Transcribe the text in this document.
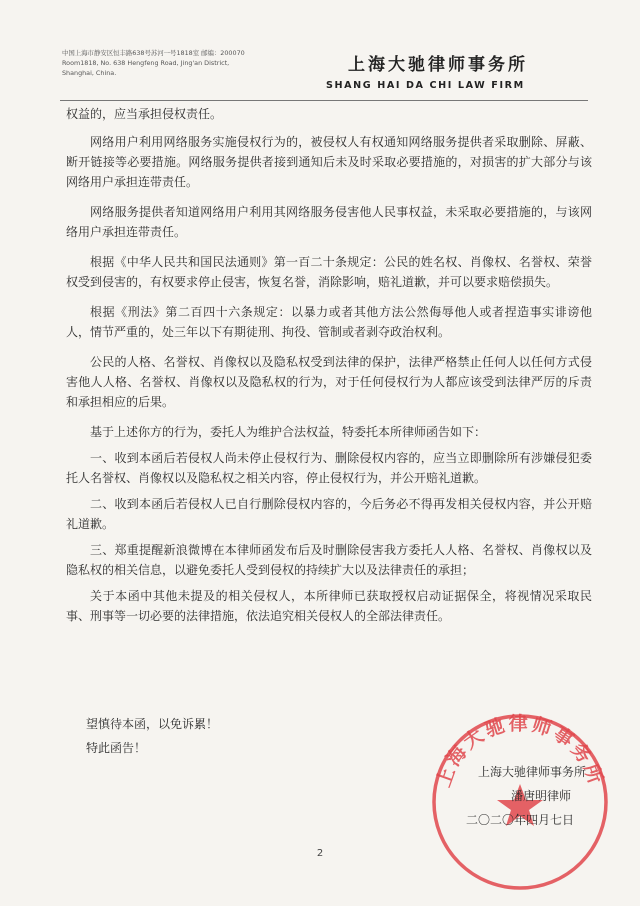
中国上海市静安区恒丰路638号苏河一号1818室 邮编：200070
Room1818, No. 638 Hengfeng Road, Jing'an District,
Shanghai, China.	上海大驰律师事务所
SHANG HAI DA CHI LAW FIRM

权益的，应当承担侵权责任。

网络用户利用网络服务实施侵权行为的，被侵权人有权通知网络服务提供者采取删除、屏蔽、断开链接等必要措施。网络服务提供者接到通知后未及时采取必要措施的，对损害的扩大部分与该网络用户承担连带责任。

网络服务提供者知道网络用户利用其网络服务侵害他人民事权益，未采取必要措施的，与该网络用户承担连带责任。

根据《中华人民共和国民法通则》第一百二十条规定：公民的姓名权、肖像权、名誉权、荣誉权受到侵害的，有权要求停止侵害，恢复名誉，消除影响，赔礼道歉，并可以要求赔偿损失。

根据《刑法》第二百四十六条规定：以暴力或者其他方法公然侮辱他人或者捏造事实诽谤他人，情节严重的，处三年以下有期徒刑、拘役、管制或者剥夺政治权利。

公民的人格、名誉权、肖像权以及隐私权受到法律的保护，法律严格禁止任何人以任何方式侵害他人人格、名誉权、肖像权以及隐私权的行为，对于任何侵权行为人都应该受到法律严厉的斥责和承担相应的后果。

基于上述你方的行为，委托人为维护合法权益，特委托本所律师函告如下：

一、收到本函后若侵权人尚未停止侵权行为、删除侵权内容的，应当立即删除所有涉嫌侵犯委托人名誉权、肖像权以及隐私权之相关内容，停止侵权行为，并公开赔礼道歉。

二、收到本函后若侵权人已自行删除侵权内容的，今后务必不得再发相关侵权内容，并公开赔礼道歉。

三、郑重提醒新浪微博在本律师函发布后及时删除侵害我方委托人人格、名誉权、肖像权以及隐私权的相关信息，以避免委托人受到侵权的持续扩大以及法律责任的承担；

关于本函中其他未提及的相关侵权人，本所律师已获取授权启动证据保全，将视情况采取民事、刑事等一切必要的法律措施，依法追究相关侵权人的全部法律责任。

望慎待本函，以免诉累！
特此函告！
上海大驰律师事务所
上海大驰律师事务所
潘唐明律师
二〇二〇年四月七日
2
